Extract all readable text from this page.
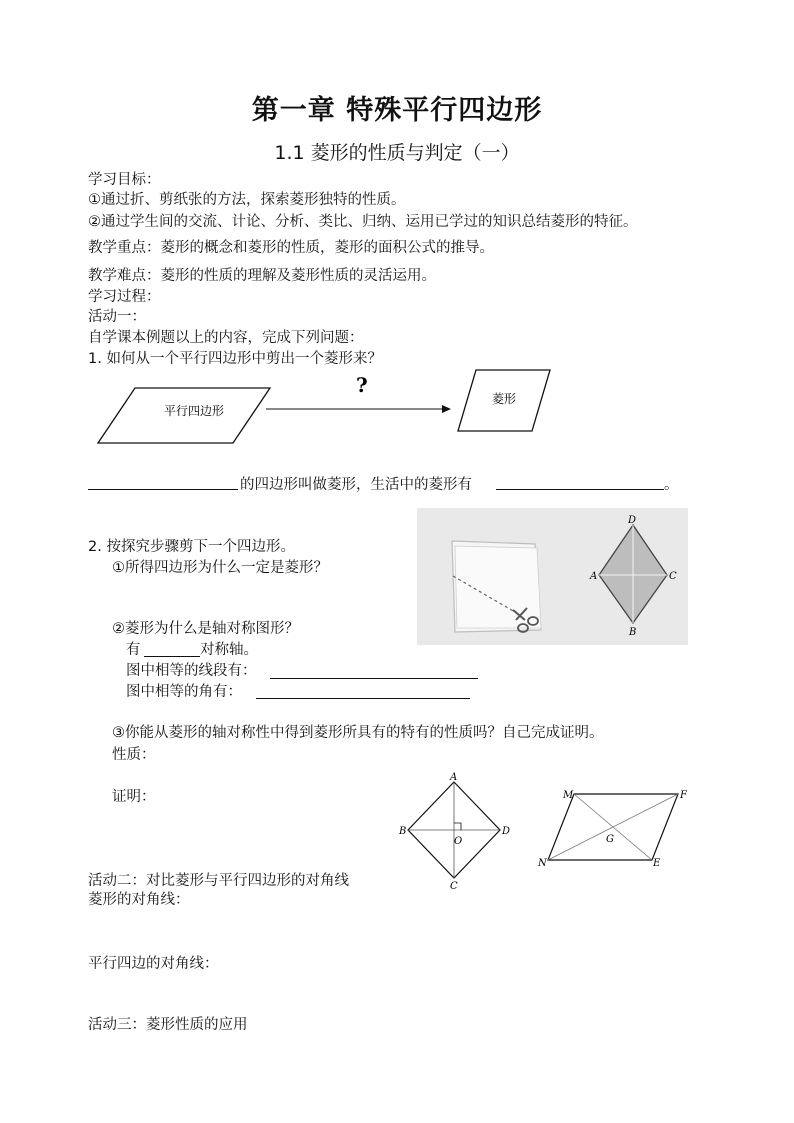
第一章 特殊平行四边形
1.1 菱形的性质与判定（一）
学习目标：
①通过折、剪纸张的方法，探索菱形独特的性质。
②通过学生间的交流、计论、分析、类比、归纳、运用已学过的知识总结菱形的特征。
教学重点：菱形的概念和菱形的性质，菱形的面积公式的推导。
教学难点：菱形的性质的理解及菱形性质的灵活运用。
学习过程：
活动一：
自学课本例题以上的内容，完成下列问题：
1. 如何从一个平行四边形中剪出一个菱形来？
平行四边形
?
菱形
的四边形叫做菱形，生活中的菱形有	。
D
A	C
B
2. 按探究步骤剪下一个四边形。
①所得四边形为什么一定是菱形？
②菱形为什么是轴对称图形？
有	对称轴。
图中相等的线段有：
图中相等的角有：
③你能从菱形的轴对称性中得到菱形所具有的特有的性质吗？自己完成证明。
性质：
证明：
A
B	D
C
O
M	F
N	E
G
活动二：对比菱形与平行四边形的对角线
菱形的对角线：
平行四边的对角线：
活动三：菱形性质的应用
